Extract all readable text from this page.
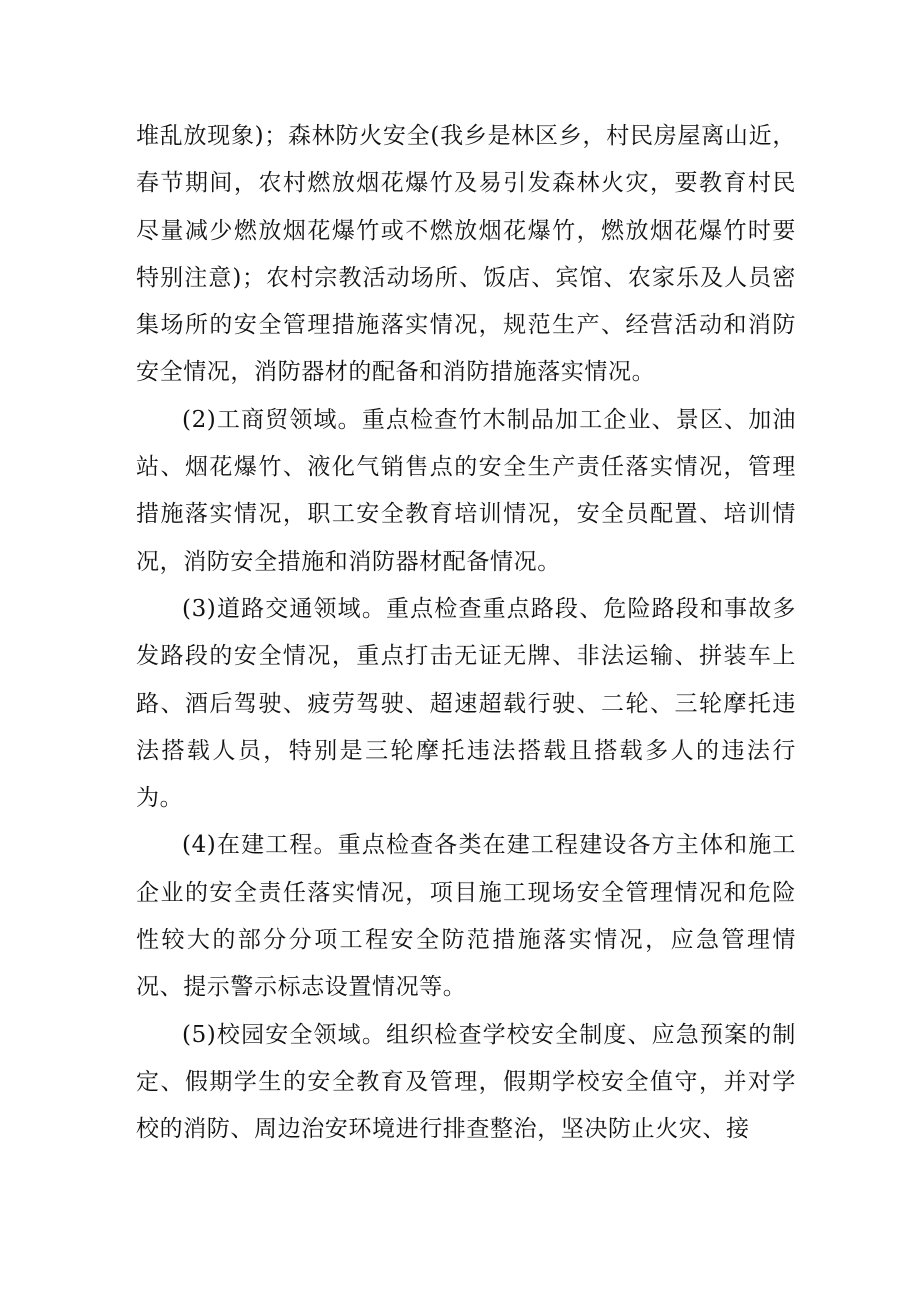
堆乱放现象)；森林防火安全(我乡是林区乡，村民房屋离山近，春节期间，农村燃放烟花爆竹及易引发森林火灾，要教育村民尽量减少燃放烟花爆竹或不燃放烟花爆竹，燃放烟花爆竹时要特别注意)；农村宗教活动场所、饭店、宾馆、农家乐及人员密集场所的安全管理措施落实情况，规范生产、经营活动和消防安全情况，消防器材的配备和消防措施落实情况。

(2)工商贸领域。重点检查竹木制品加工企业、景区、加油站、烟花爆竹、液化气销售点的安全生产责任落实情况，管理措施落实情况，职工安全教育培训情况，安全员配置、培训情况，消防安全措施和消防器材配备情况。

(3)道路交通领域。重点检查重点路段、危险路段和事故多发路段的安全情况，重点打击无证无牌、非法运输、拼装车上路、酒后驾驶、疲劳驾驶、超速超载行驶、二轮、三轮摩托违法搭载人员，特别是三轮摩托违法搭载且搭载多人的违法行为。

(4)在建工程。重点检查各类在建工程建设各方主体和施工企业的安全责任落实情况，项目施工现场安全管理情况和危险性较大的部分分项工程安全防范措施落实情况，应急管理情况、提示警示标志设置情况等。

(5)校园安全领域。组织检查学校安全制度、应急预案的制定、假期学生的安全教育及管理，假期学校安全值守，并对学校的消防、周边治安环境进行排查整治，坚决防止火灾、接
